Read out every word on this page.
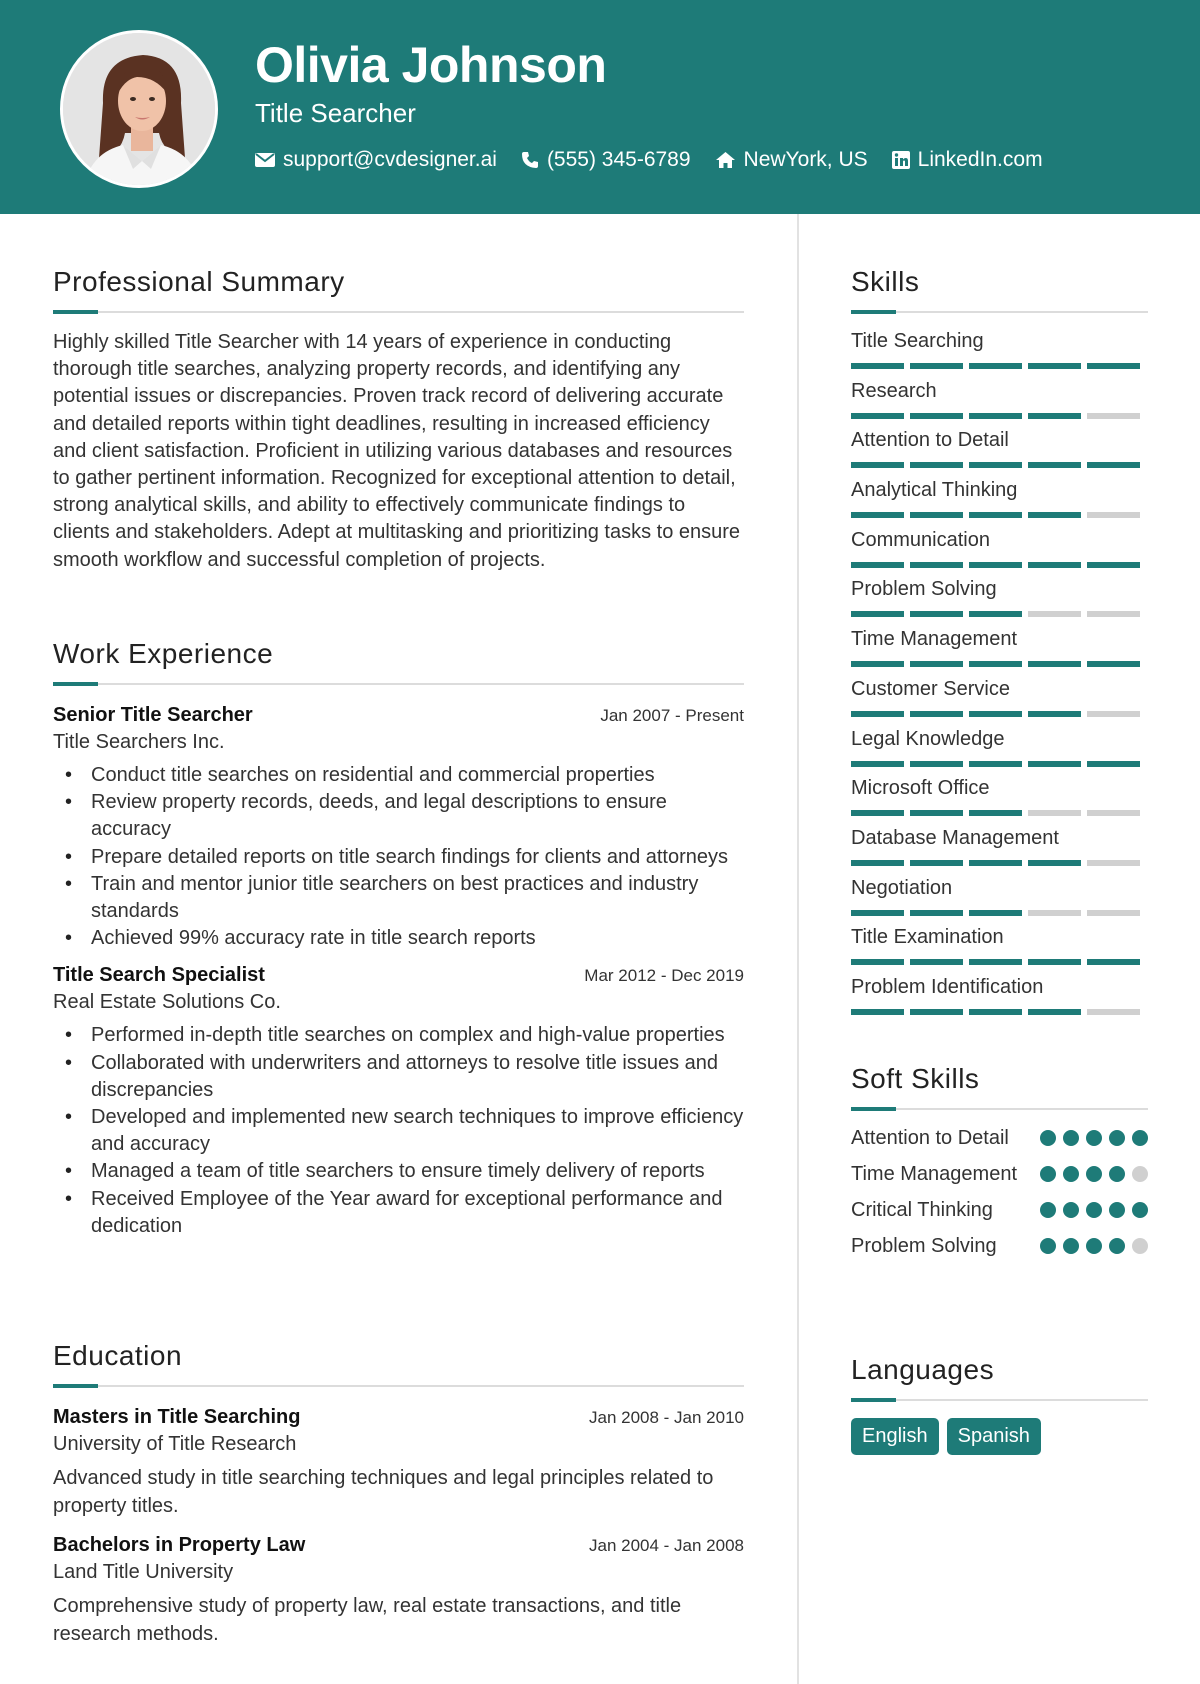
Olivia Johnson
Title Searcher
support@cvdesigner.ai (555) 345-6789	NewYork, US LinkedIn.com
Professional Summary
Highly skilled Title Searcher with 14 years of experience in conducting thorough title searches, analyzing property records, and identifying any potential issues or discrepancies. Proven track record of delivering accurate and detailed reports within tight deadlines, resulting in increased efficiency and client satisfaction. Proficient in utilizing various databases and resources to gather pertinent information. Recognized for exceptional attention to detail, strong analytical skills, and ability to effectively communicate findings to clients and stakeholders. Adept at multitasking and prioritizing tasks to ensure smooth workflow and successful completion of projects.
Work Experience
Senior Title Searcher	Jan 2007 - Present
Title Searchers Inc.
• Conduct title searches on residential and commercial properties
• Review property records, deeds, and legal descriptions to ensure accuracy
• Prepare detailed reports on title search findings for clients and attorneys
• Train and mentor junior title searchers on best practices and industry standards
• Achieved 99% accuracy rate in title search reports
Title Search Specialist	Mar 2012 - Dec 2019
Real Estate Solutions Co.
• Performed in-depth title searches on complex and high-value properties
• Collaborated with underwriters and attorneys to resolve title issues and discrepancies
• Developed and implemented new search techniques to improve efficiency and accuracy
• Managed a team of title searchers to ensure timely delivery of reports
• Received Employee of the Year award for exceptional performance and dedication
Education
Masters in Title Searching	Jan 2008 - Jan 2010
University of Title Research
Advanced study in title searching techniques and legal principles related to property titles.
Bachelors in Property Law	Jan 2004 - Jan 2008
Land Title University
Comprehensive study of property law, real estate transactions, and title research methods.
Skills
Title Searching
Research
Attention to Detail
Analytical Thinking
Communication
Problem Solving
Time Management
Customer Service
Legal Knowledge
Microsoft Office
Database Management
Negotiation
Title Examination
Problem Identification
Soft Skills
Attention to Detail
Time Management
Critical Thinking
Problem Solving
Languages
English	Spanish
